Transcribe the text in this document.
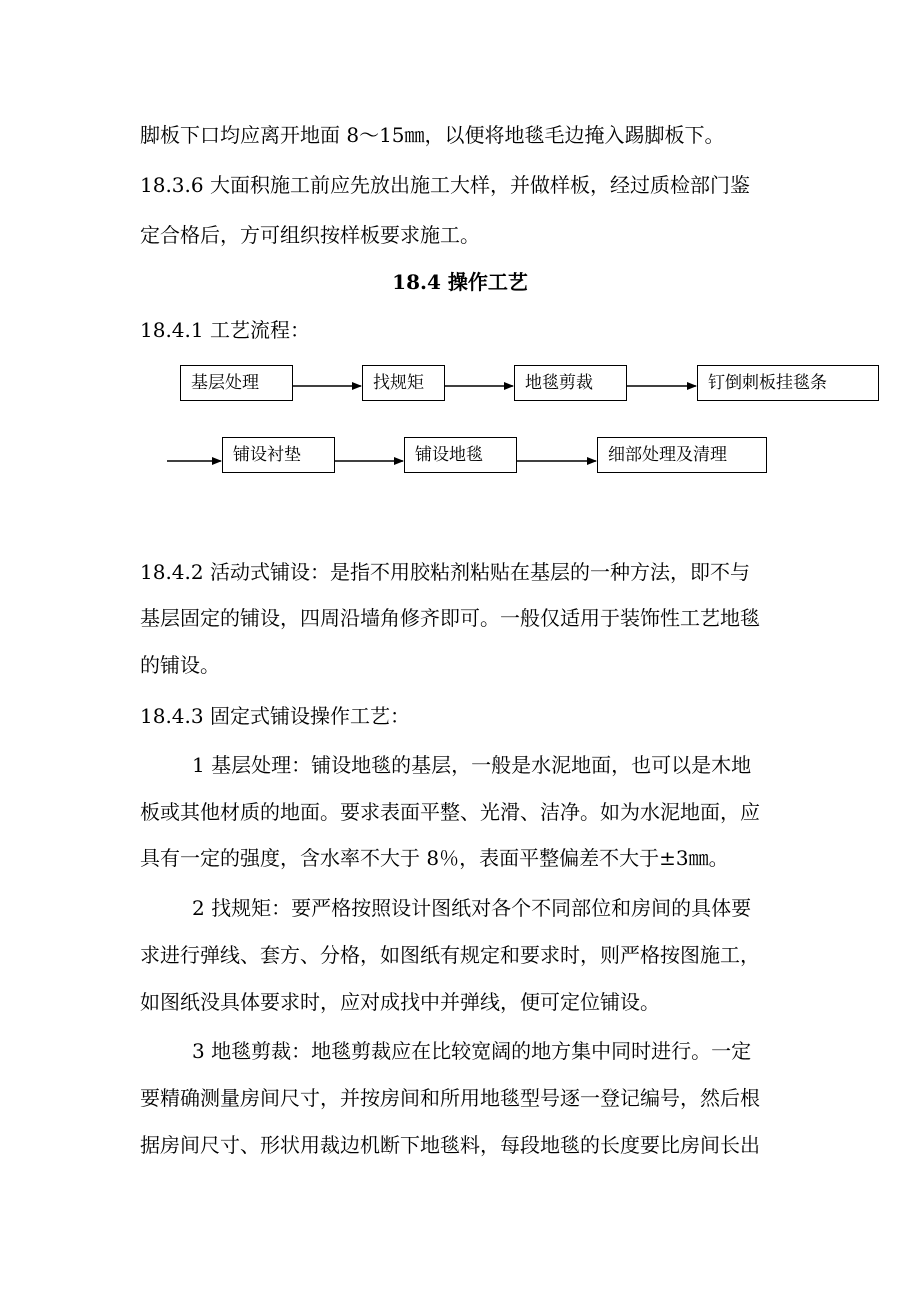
脚板下口均应离开地面 8～15㎜，以便将地毯毛边掩入踢脚板下。
18.3.6 大面积施工前应先放出施工大样，并做样板，经过质检部门鉴
定合格后，方可组织按样板要求施工。
18.4 操作工艺
18.4.1 工艺流程：
基层处理	找规矩	地毯剪裁	钉倒刺板挂毯条
铺设衬垫	铺设地毯	细部处理及清理
18.4.2 活动式铺设：是指不用胶粘剂粘贴在基层的一种方法，即不与
基层固定的铺设，四周沿墙角修齐即可。一般仅适用于装饰性工艺地毯
的铺设。
18.4.3 固定式铺设操作工艺：
1 基层处理：铺设地毯的基层，一般是水泥地面，也可以是木地
板或其他材质的地面。要求表面平整、光滑、洁净。如为水泥地面，应
具有一定的强度，含水率不大于 8％，表面平整偏差不大于±3㎜。
2 找规矩：要严格按照设计图纸对各个不同部位和房间的具体要
求进行弹线、套方、分格，如图纸有规定和要求时，则严格按图施工，
如图纸没具体要求时，应对成找中并弹线，便可定位铺设。
3 地毯剪裁：地毯剪裁应在比较宽阔的地方集中同时进行。一定
要精确测量房间尺寸，并按房间和所用地毯型号逐一登记编号，然后根
据房间尺寸、形状用裁边机断下地毯料，每段地毯的长度要比房间长出
